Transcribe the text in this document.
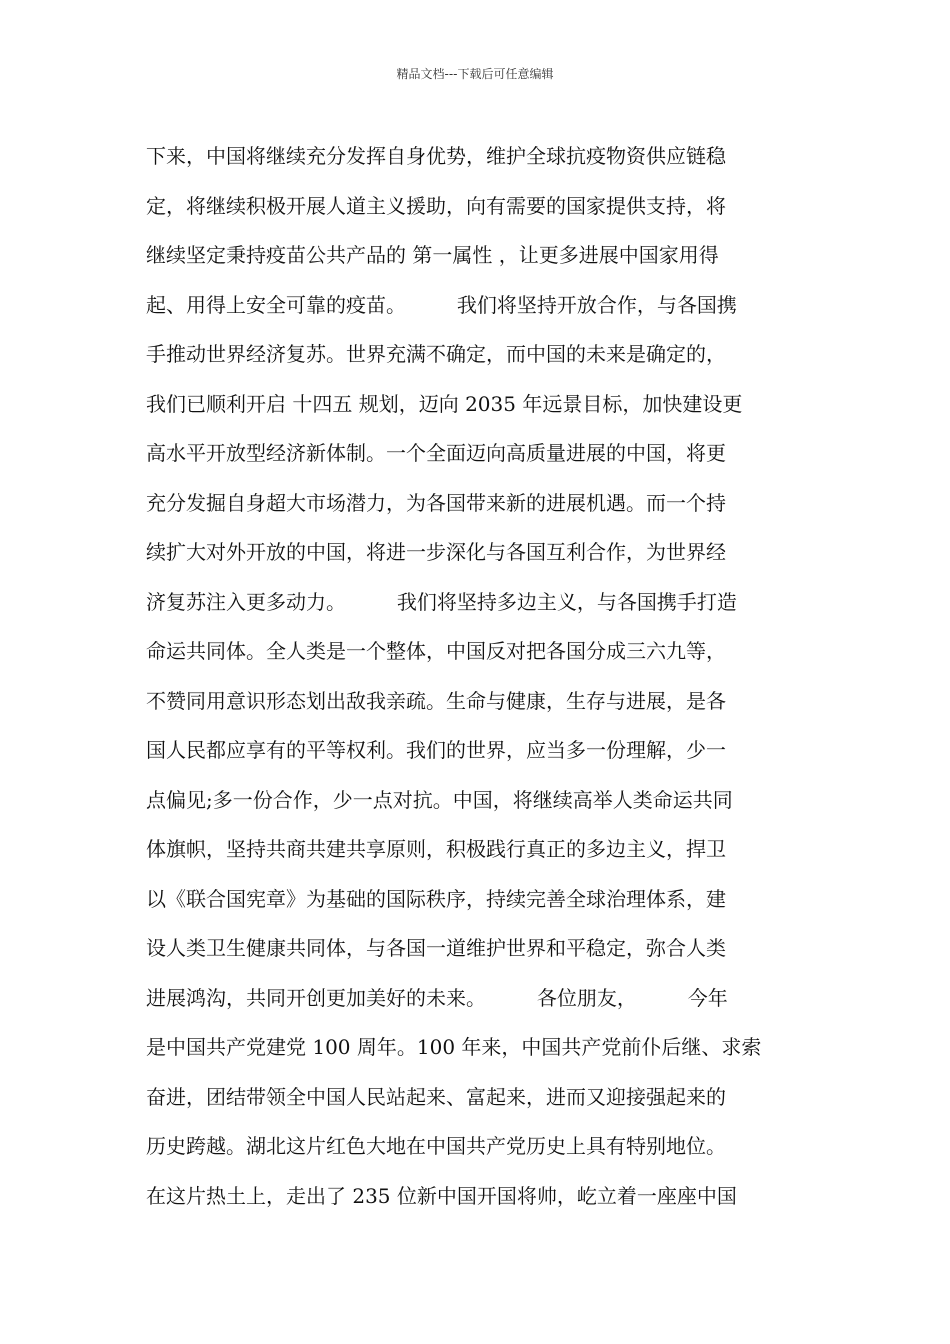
精品文档---下载后可任意编辑
下来，中国将继续充分发挥自身优势，维护全球抗疫物资供应链稳
定，将继续积极开展人道主义援助，向有需要的国家提供支持，将
继续坚定秉持疫苗公共产品的 第一属性 ，让更多进展中国家用得
起、用得上安全可靠的疫苗。        我们将坚持开放合作，与各国携
手推动世界经济复苏。世界充满不确定，而中国的未来是确定的，
我们已顺利开启 十四五 规划，迈向 2035 年远景目标，加快建设更
高水平开放型经济新体制。一个全面迈向高质量进展的中国，将更
充分发掘自身超大市场潜力，为各国带来新的进展机遇。而一个持
续扩大对外开放的中国，将进一步深化与各国互利合作，为世界经
济复苏注入更多动力。        我们将坚持多边主义，与各国携手打造
命运共同体。全人类是一个整体，中国反对把各国分成三六九等，
不赞同用意识形态划出敌我亲疏。生命与健康，生存与进展，是各
国人民都应享有的平等权利。我们的世界，应当多一份理解，少一
点偏见;多一份合作，少一点对抗。中国，将继续高举人类命运共同
体旗帜，坚持共商共建共享原则，积极践行真正的多边主义，捍卫
以《联合国宪章》为基础的国际秩序，持续完善全球治理体系，建
设人类卫生健康共同体，与各国一道维护世界和平稳定，弥合人类
进展鸿沟，共同开创更加美好的未来。        各位朋友，        今年
是中国共产党建党 100 周年。100 年来，中国共产党前仆后继、求索
奋进，团结带领全中国人民站起来、富起来，进而又迎接强起来的
历史跨越。湖北这片红色大地在中国共产党历史上具有特别地位。
在这片热土上，走出了 235 位新中国开国将帅，屹立着一座座中国
